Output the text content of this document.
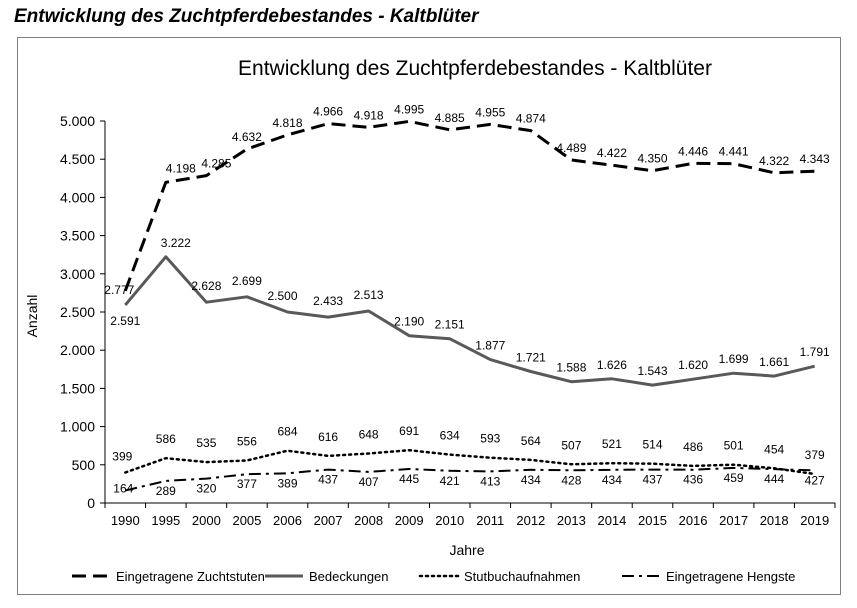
Entwicklung des Zuchtpferdebestandes - Kaltblüter
Entwicklung des Zuchtpferdebestandes - Kaltblüter
Anzahl
Jahre
0
500
1.000
1.500
2.000
2.500
3.000
3.500
4.000
4.500
5.000
1990 1995 2000 2005 2006 2007 2008 2009 2010 2011 2012 2013 2014 2015 2016 2017 2018 2019
2.777
4.198 4.285
4.632
4.818
4.966 4.918 4.995
4.885 4.955 4.874
4.489 4.422 4.350
4.446 4.441
4.322 4.343
2.591
3.222
2.628 2.699
2.500 2.433 2.513
2.190 2.151
1.877
1.721
1.588 1.626 1.543 1.620 1.699 1.661
1.791
399
586 535 556
684 616 648 691 634 593 564 507 521 514 486 501 454 379
164 289 320 377 389 437 407 445 421 413 434 428 434 437 436 459 444 427
Eingetragene Zuchtstuten	Bedeckungen	Stutbuchaufnahmen	Eingetragene Hengste
